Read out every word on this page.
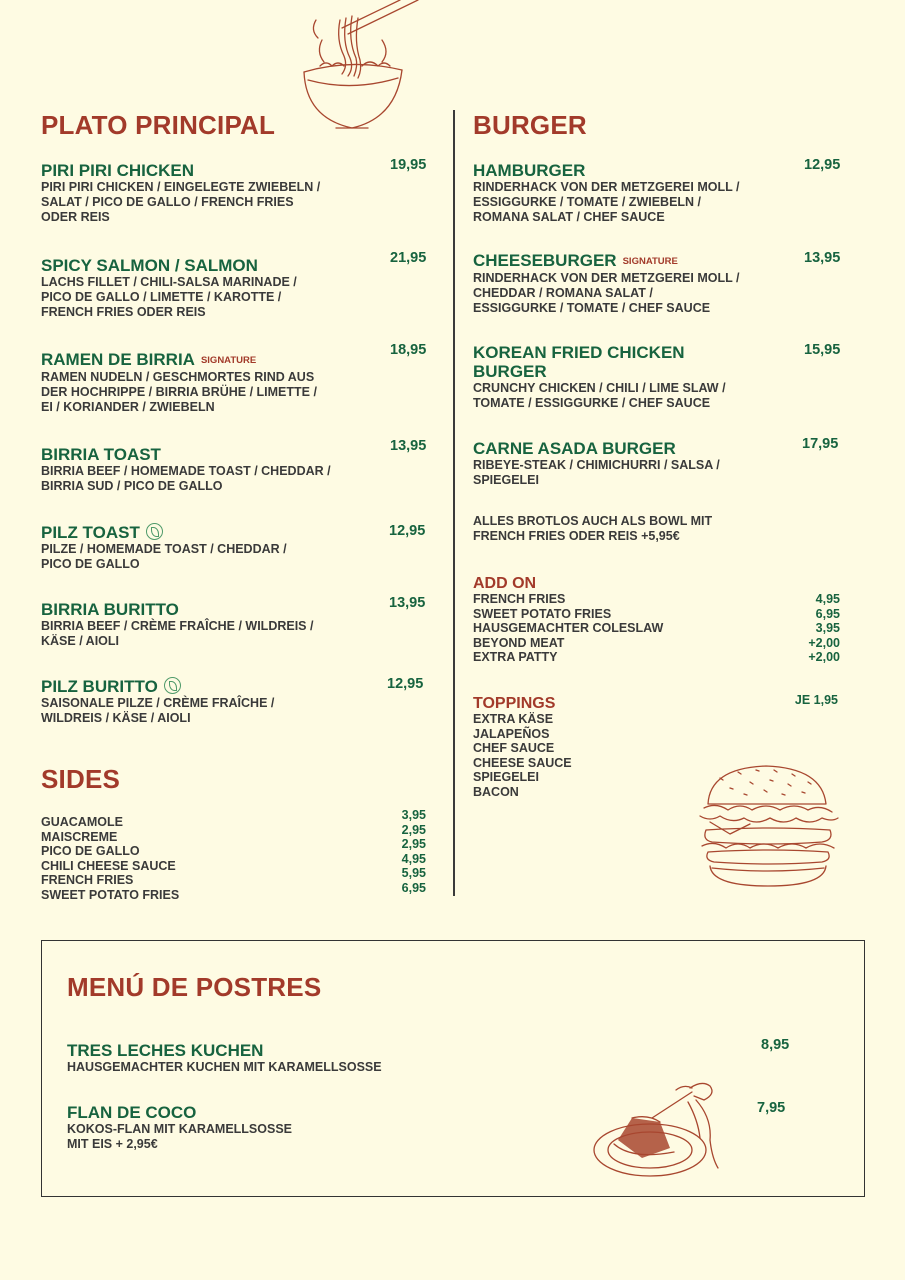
PLATO PRINCIPAL
PIRI PIRI CHICKEN
PIRI PIRI CHICKEN / EINGELEGTE ZWIEBELN /
SALAT / PICO DE GALLO / FRENCH FRIES
ODER REIS
19,95
SPICY SALMON / SALMON
LACHS FILLET / CHILI-SALSA MARINADE /
PICO DE GALLO / LIMETTE / KAROTTE /
FRENCH FRIES ODER REIS
21,95
RAMEN DE BIRRIA SIGNATURE
RAMEN NUDELN / GESCHMORTES RIND AUS
DER HOCHRIPPE / BIRRIA BRÜHE / LIMETTE /
EI / KORIANDER / ZWIEBELN
18,95
BIRRIA TOAST
BIRRIA BEEF / HOMEMADE TOAST / CHEDDAR /
BIRRIA SUD / PICO DE GALLO
13,95
PILZ TOAST
PILZE / HOMEMADE TOAST / CHEDDAR /
PICO DE GALLO
12,95
BIRRIA BURITTO
BIRRIA BEEF / CRÈME FRAÎCHE / WILDREIS /
KÄSE / AIOLI
13,95
PILZ BURITTO
SAISONALE PILZE / CRÈME FRAÎCHE /
WILDREIS / KÄSE / AIOLI
12,95
SIDES
GUACAMOLE
MAISCREME
PICO DE GALLO
CHILI CHEESE SAUCE
FRENCH FRIES
SWEET POTATO FRIES
3,95
2,95
2,95
4,95
5,95
6,95
BURGER
HAMBURGER
RINDERHACK VON DER METZGEREI MOLL /
ESSIGGURKE / TOMATE / ZWIEBELN /
ROMANA SALAT / CHEF SAUCE
12,95
CHEESEBURGER SIGNATURE
RINDERHACK VON DER METZGEREI MOLL /
CHEDDAR / ROMANA SALAT /
ESSIGGURKE / TOMATE / CHEF SAUCE
13,95
KOREAN FRIED CHICKEN
BURGER
CRUNCHY CHICKEN / CHILI / LIME SLAW /
TOMATE / ESSIGGURKE / CHEF SAUCE
15,95
CARNE ASADA BURGER
RIBEYE-STEAK / CHIMICHURRI / SALSA /
SPIEGELEI
17,95
ALLES BROTLOS AUCH ALS BOWL MIT
FRENCH FRIES ODER REIS +5,95€
ADD ON
FRENCH FRIES
SWEET POTATO FRIES
HAUSGEMACHTER COLESLAW
BEYOND MEAT
EXTRA PATTY
4,95
6,95
3,95
+2,00
+2,00
TOPPINGS	JE 1,95
EXTRA KÄSE
JALAPEÑOS
CHEF SAUCE
CHEESE SAUCE
SPIEGELEI
BACON
MENÚ DE POSTRES
TRES LECHES KUCHEN
HAUSGEMACHTER KUCHEN MIT KARAMELLSOSSE
8,95
FLAN DE COCO
KOKOS-FLAN MIT KARAMELLSOSSE
MIT EIS + 2,95€
7,95
